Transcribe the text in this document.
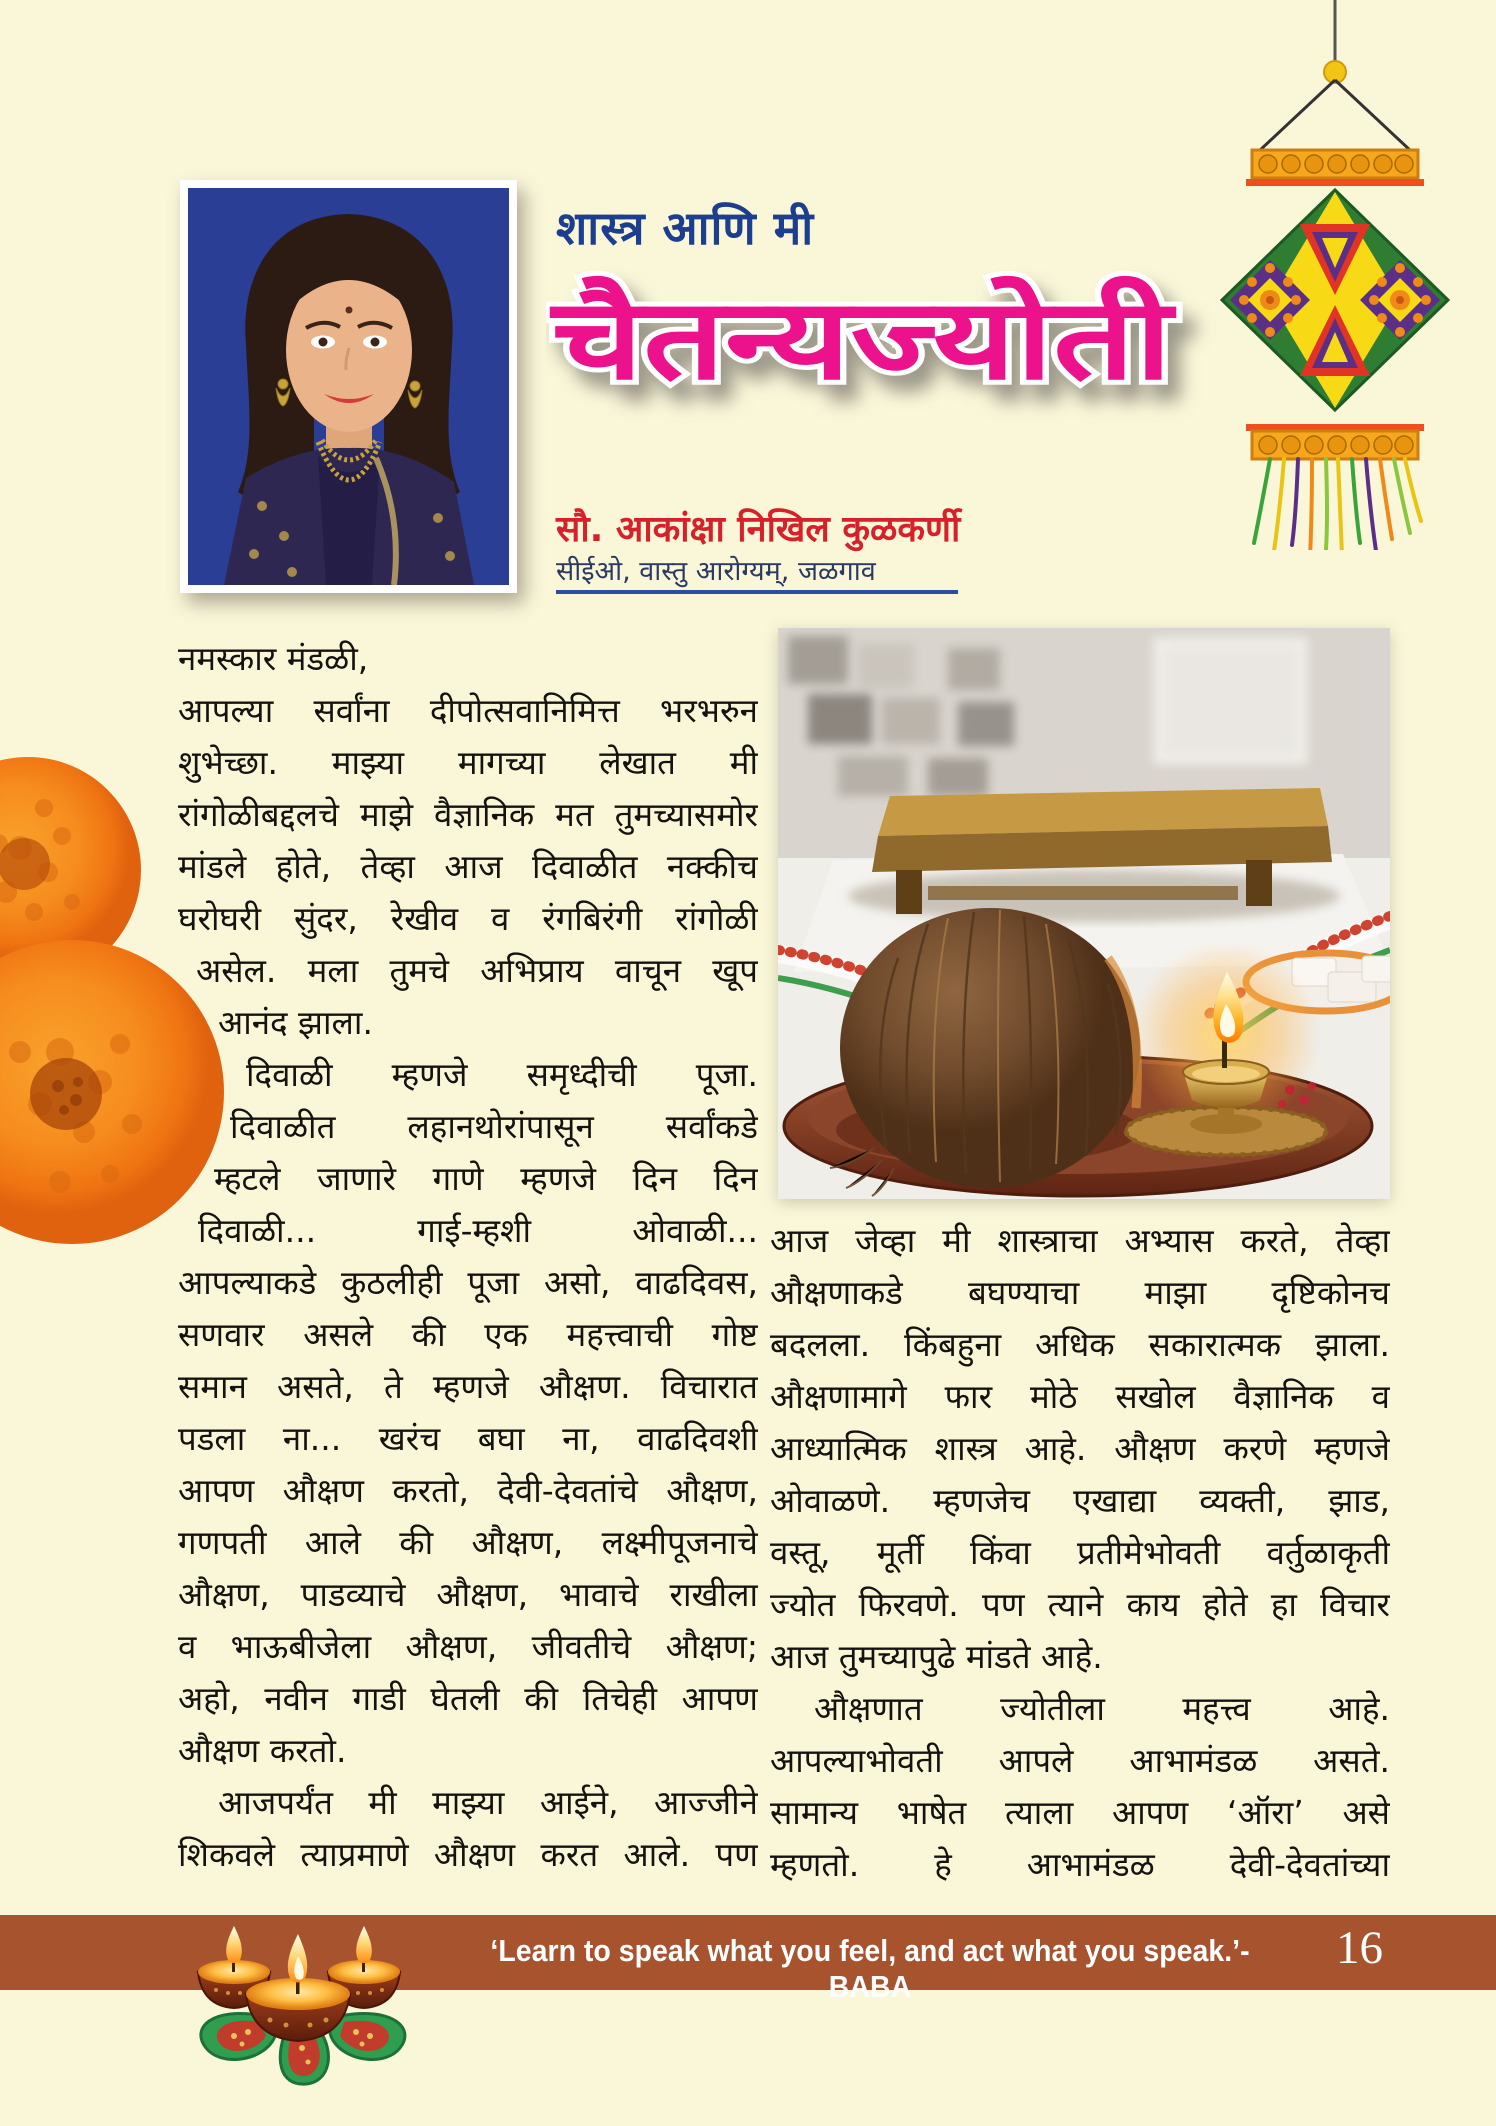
शास्त्र आणि मी
चैतन्यज्योती
सौ. आकांक्षा निखिल कुळकर्णी
सीईओ, वास्तु आरोग्यम्, जळगाव
नमस्कार मंडळी,
आपल्या सर्वांना दीपोत्सवानिमित्त भरभरुन
शुभेच्छा. माझ्या मागच्या लेखात मी
रांगोळीबद्दलचे माझे वैज्ञानिक मत तुमच्यासमोर
मांडले होते, तेव्हा आज दिवाळीत नक्कीच
घरोघरी सुंदर, रेखीव व रंगबिरंगी रांगोळी
असेल. मला तुमचे अभिप्राय वाचून खूप
आनंद झाला.
दिवाळी म्हणजे समृध्दीची पूजा.
दिवाळीत लहानथोरांपासून सर्वांकडे
म्हटले जाणारे गाणे म्हणजे दिन दिन
दिवाळी... गाई-म्हशी ओवाळी...
आपल्याकडे कुठलीही पूजा असो, वाढदिवस,
सणवार असले की एक महत्त्वाची गोष्ट
समान असते, ते म्हणजे औक्षण. विचारात
पडला ना... खरंच बघा ना, वाढदिवशी
आपण औक्षण करतो, देवी-देवतांचे औक्षण,
गणपती आले की औक्षण, लक्ष्मीपूजनाचे
औक्षण, पाडव्याचे औक्षण, भावाचे राखीला
व भाऊबीजेला औक्षण, जीवतीचे औक्षण;
अहो, नवीन गाडी घेतली की तिचेही आपण
औक्षण करतो.
आजपर्यंत मी माझ्या आईने, आज्जीने
शिकवले त्याप्रमाणे औक्षण करत आले. पण
आज जेव्हा मी शास्त्राचा अभ्यास करते, तेव्हा
औक्षणाकडे बघण्याचा माझा दृष्टिकोनच
बदलला. किंबहुना अधिक सकारात्मक झाला.
औक्षणामागे फार मोठे सखोल वैज्ञानिक व
आध्यात्मिक शास्त्र आहे. औक्षण करणे म्हणजे
ओवाळणे. म्हणजेच एखाद्या व्यक्ती, झाड,
वस्तू, मूर्ती किंवा प्रतीमेभोवती वर्तुळाकृती
ज्योत फिरवणे. पण त्याने काय होते हा विचार
आज तुमच्यापुढे मांडते आहे.
औक्षणात ज्योतीला महत्त्व आहे.
आपल्याभोवती आपले आभामंडळ असते.
सामान्य भाषेत त्याला आपण ‘ऑरा’ असे
म्हणतो. हे आभामंडळ देवी-देवतांच्या
‘Learn to speak what you feel, and act what you speak.’- BABA
16
